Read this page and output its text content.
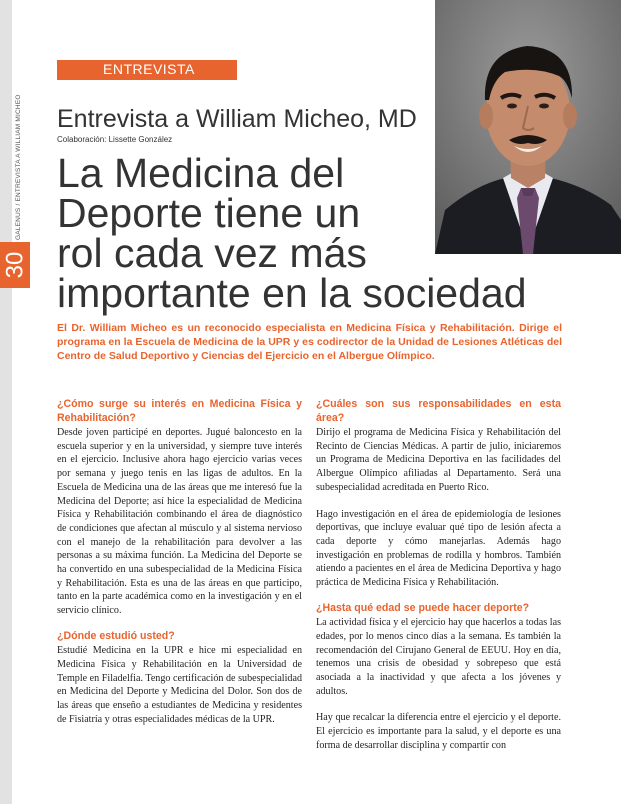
30
GALENUS / ENTREVISTA A WILLIAM MICHEO
ENTREVISTA
Entrevista a William Micheo, MD
Colaboración: Lissette González
La Medicina del
Deporte tiene un
rol cada vez más
importante en la sociedad
El Dr. William Micheo es un reconocido especialista en Medicina Física y Rehabilitación. Dirige el programa en la Escuela de Medicina de la UPR y es codirector de la Unidad de Lesiones Atléticas del Centro de Salud Deportivo y Ciencias del Ejercicio en el Albergue Olímpico.
¿Cómo surge su interés en Medicina Física y Rehabilitación?
Desde joven participé en deportes. Jugué baloncesto en la escuela superior y en la universidad, y siempre tuve interés en el ejercicio. Inclusive ahora hago ejercicio varias veces por semana y juego tenis en las ligas de adultos. En la Escuela de Medicina una de las áreas que me interesó fue la Medicina del Deporte; así hice la especialidad de Medicina Física y Rehabilitación combinando el área de diagnóstico de condiciones que afectan al músculo y al sistema nervioso con el manejo de la rehabilitación para devolver a las personas a su máxima función. La Medicina del Deporte se ha convertido en una subespecialidad de la Medicina Física y Rehabilitación. Esta es una de las áreas en que participo, tanto en la parte académica como en la investigación y en el servicio clínico.
¿Dónde estudió usted?
Estudié Medicina en la UPR e hice mi especialidad en Medicina Física y Rehabilitación en la Universidad de Temple en Filadelfia. Tengo certificación de subespecialidad en Medicina del Deporte y Medicina del Dolor. Son dos de las áreas que enseño a estudiantes de Medicina y residentes de Fisiatría y otras especialidades médicas de la UPR.
¿Cuáles son sus responsabilidades en esta área?
Dirijo el programa de Medicina Física y Rehabilitación del Recinto de Ciencias Médicas. A partir de julio, iniciaremos un Programa de Medicina Deportiva en las facilidades del Albergue Olímpico afiliadas al Departamento. Será una subespecialidad acreditada en Puerto Rico.
Hago investigación en el área de epidemiología de lesiones deportivas, que incluye evaluar qué tipo de lesión afecta a cada deporte y cómo manejarlas. Además hago investigación en problemas de rodilla y hombros. También atiendo a pacientes en el área de Medicina Deportiva y hago práctica de Medicina Física y Rehabilitación.
¿Hasta qué edad se puede hacer deporte?
La actividad física y el ejercicio hay que hacerlos a todas las edades, por lo menos cinco días a la semana. Es también la recomendación del Cirujano General de EEUU. Hoy en día, tenemos una crisis de obesidad y sobrepeso que está asociada a la inactividad y que afecta a los jóvenes y adultos.
Hay que recalcar la diferencia entre el ejercicio y el deporte. El ejercicio es importante para la salud, y el deporte es una forma de desarrollar disciplina y compartir con
